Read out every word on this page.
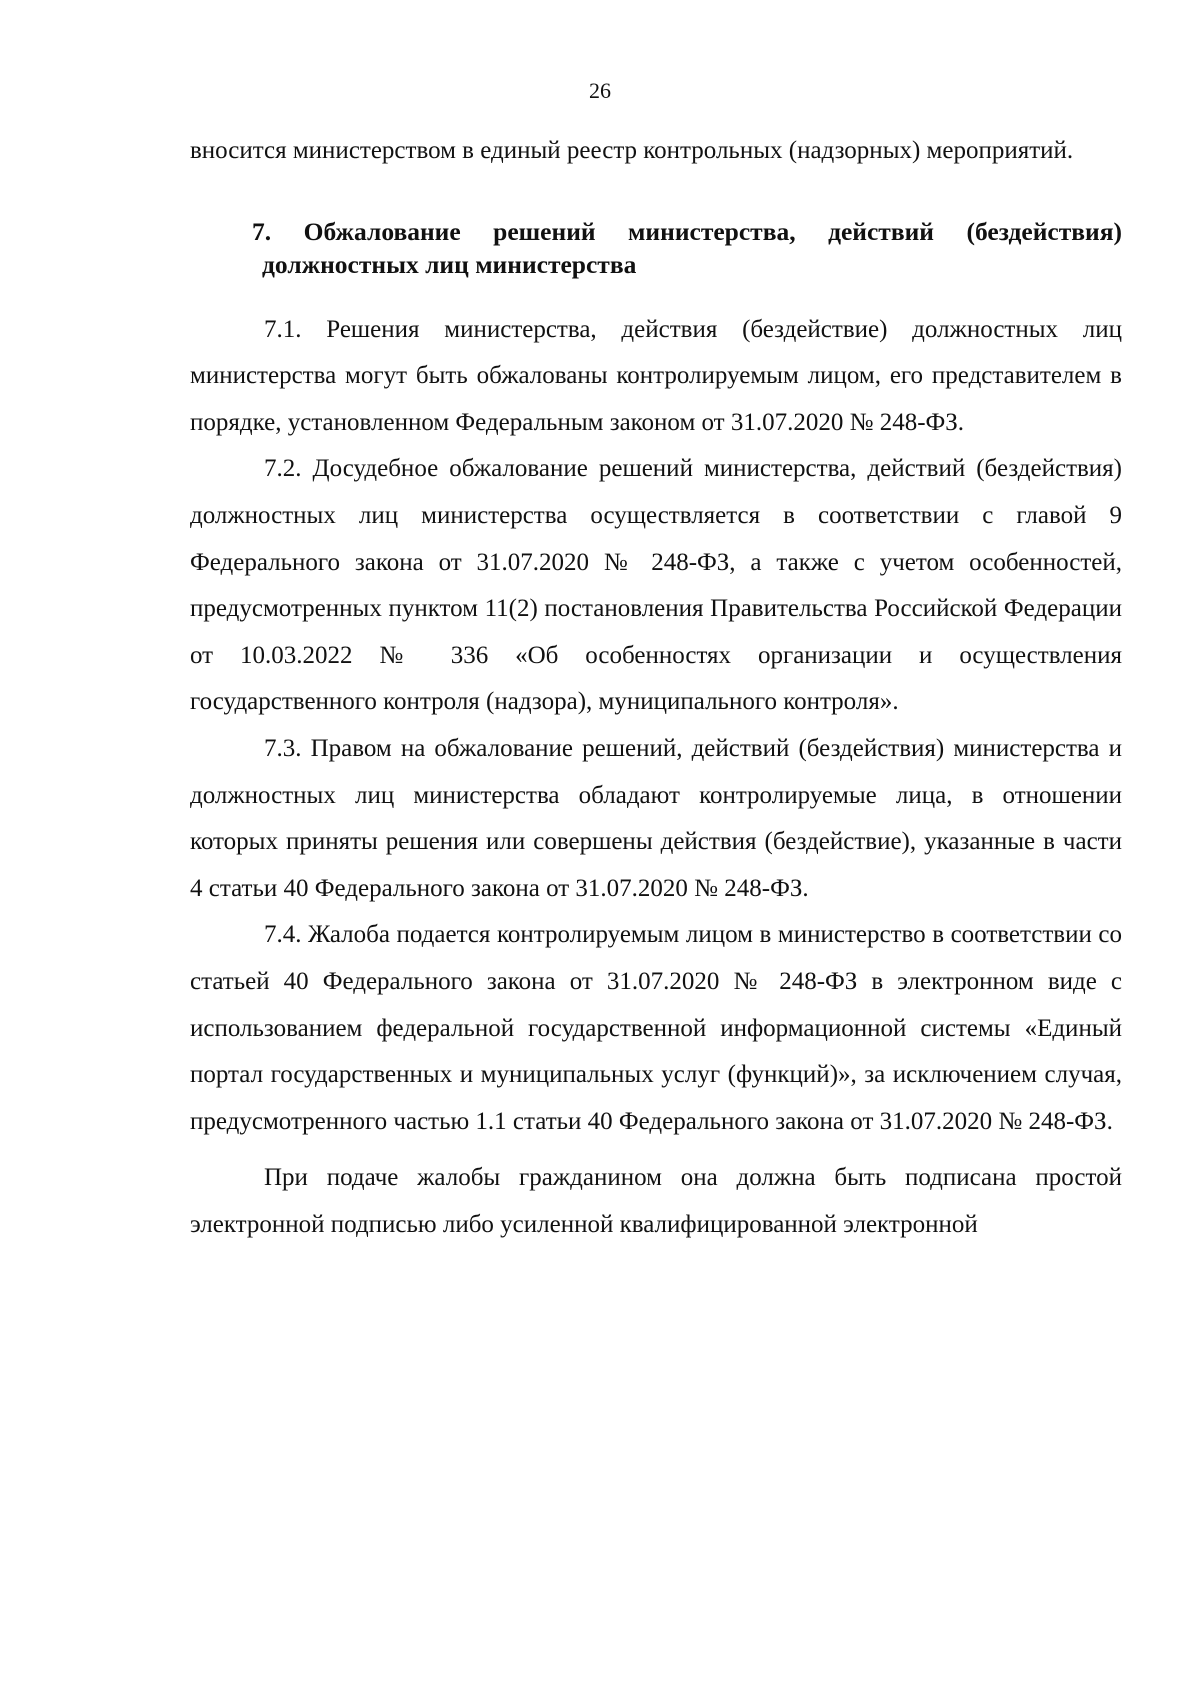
26

вносится министерством в единый реестр контрольных (надзорных) мероприятий.

7. Обжалование решений министерства, действий (бездействия) должностных лиц министерства

7.1. Решения министерства, действия (бездействие) должностных лиц министерства могут быть обжалованы контролируемым лицом, его представителем в порядке, установленном Федеральным законом от 31.07.2020 № 248-ФЗ.

7.2. Досудебное обжалование решений министерства, действий (бездействия) должностных лиц министерства осуществляется в соответствии с главой 9 Федерального закона от 31.07.2020 № 248-ФЗ, а также с учетом особенностей, предусмотренных пунктом 11(2) постановления Правительства Российской Федерации от 10.03.2022 № 336 «Об особенностях организации и осуществления государственного контроля (надзора), муниципального контроля».

7.3. Правом на обжалование решений, действий (бездействия) министерства и должностных лиц министерства обладают контролируемые лица, в отношении которых приняты решения или совершены действия (бездействие), указанные в части 4 статьи 40 Федерального закона от 31.07.2020 № 248-ФЗ.

7.4. Жалоба подается контролируемым лицом в министерство в соответствии со статьей 40 Федерального закона от 31.07.2020 № 248-ФЗ в электронном виде с использованием федеральной государственной информационной системы «Единый портал государственных и муниципальных услуг (функций)», за исключением случая, предусмотренного частью 1.1 статьи 40 Федерального закона от 31.07.2020 № 248-ФЗ.

При подаче жалобы гражданином она должна быть подписана простой электронной подписью либо усиленной квалифицированной электронной
